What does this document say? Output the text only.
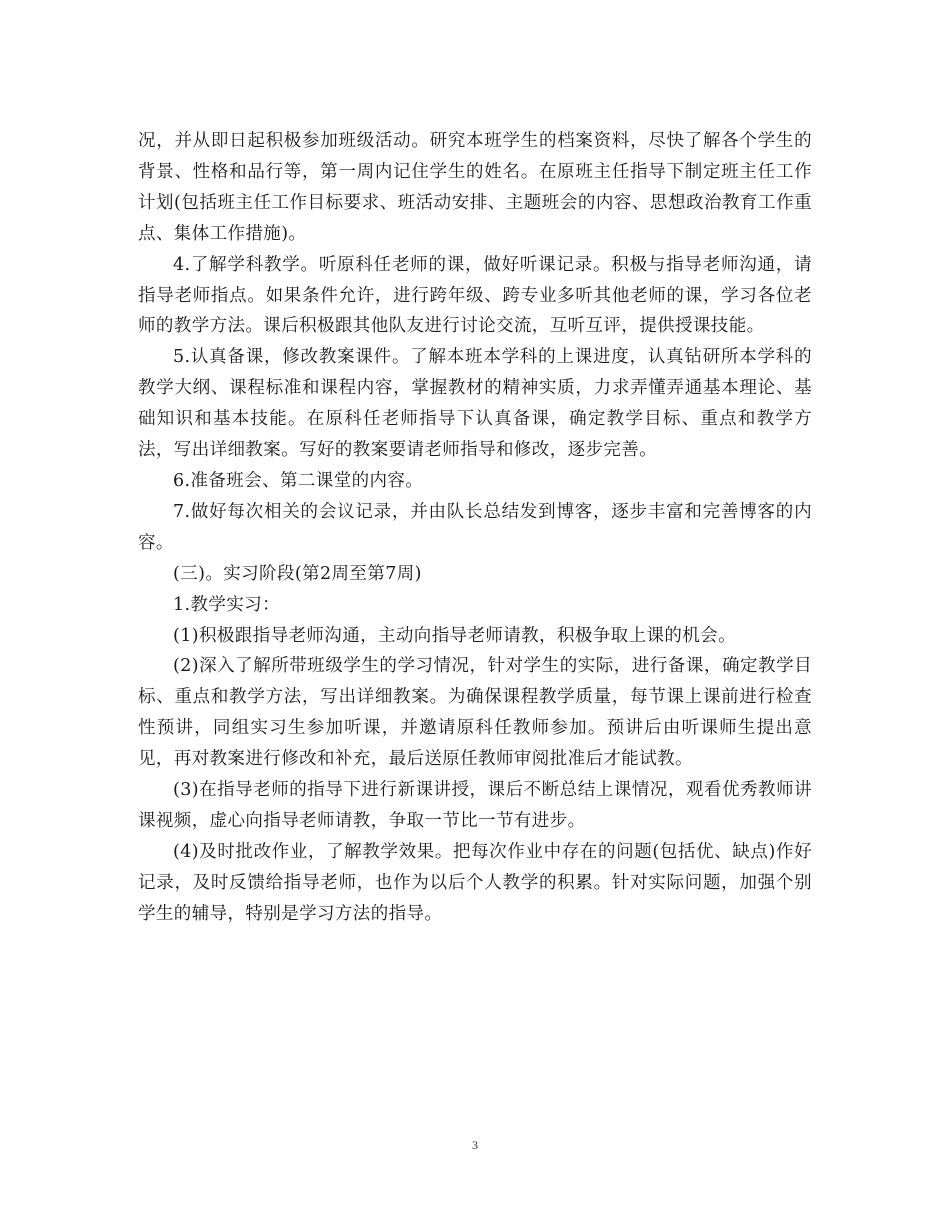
况，并从即日起积极参加班级活动。研究本班学生的档案资料，尽快了解各个学生的背景、性格和品行等，第一周内记住学生的姓名。在原班主任指导下制定班主任工作计划(包括班主任工作目标要求、班活动安排、主题班会的内容、思想政治教育工作重点、集体工作措施)。

4.了解学科教学。听原科任老师的课，做好听课记录。积极与指导老师沟通，请指导老师指点。如果条件允许，进行跨年级、跨专业多听其他老师的课，学习各位老师的教学方法。课后积极跟其他队友进行讨论交流，互听互评，提供授课技能。

5.认真备课，修改教案课件。了解本班本学科的上课进度，认真钻研所本学科的教学大纲、课程标准和课程内容，掌握教材的精神实质，力求弄懂弄通基本理论、基础知识和基本技能。在原科任老师指导下认真备课，确定教学目标、重点和教学方法，写出详细教案。写好的教案要请老师指导和修改，逐步完善。

6.准备班会、第二课堂的内容。

7.做好每次相关的会议记录，并由队长总结发到博客，逐步丰富和完善博客的内容。

(三)。实习阶段(第2周至第7周)

1.教学实习：

(1)积极跟指导老师沟通，主动向指导老师请教，积极争取上课的机会。

(2)深入了解所带班级学生的学习情况，针对学生的实际，进行备课，确定教学目标、重点和教学方法，写出详细教案。为确保课程教学质量，每节课上课前进行检查性预讲，同组实习生参加听课，并邀请原科任教师参加。预讲后由听课师生提出意见，再对教案进行修改和补充，最后送原任教师审阅批准后才能试教。

(3)在指导老师的指导下进行新课讲授，课后不断总结上课情况，观看优秀教师讲课视频，虚心向指导老师请教，争取一节比一节有进步。

(4)及时批改作业，了解教学效果。把每次作业中存在的问题(包括优、缺点)作好记录，及时反馈给指导老师，也作为以后个人教学的积累。针对实际问题，加强个别学生的辅导，特别是学习方法的指导。

3
